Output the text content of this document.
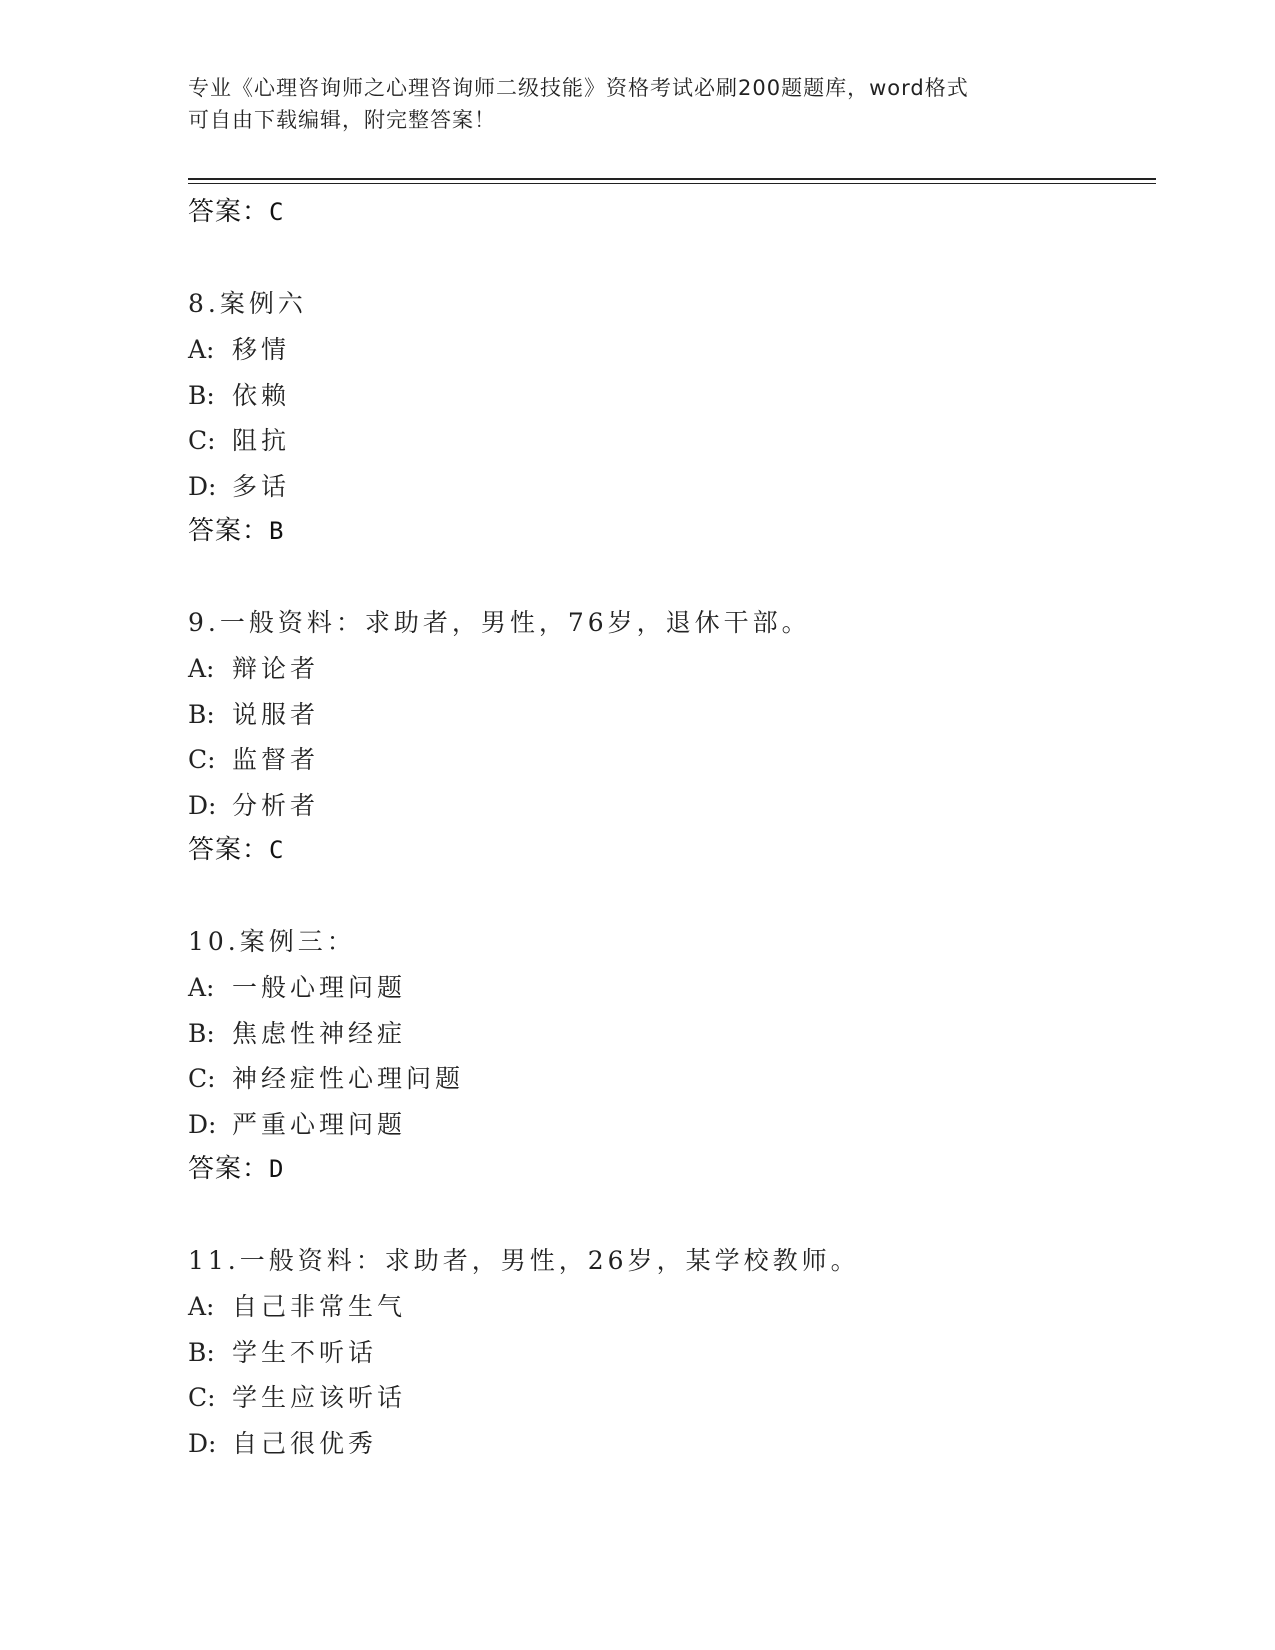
专业《心理咨询师之心理咨询师二级技能》资格考试必刷200题题库，word格式
可自由下载编辑，附完整答案！
答案：C
8.案例六
A: 移情
B: 依赖
C: 阻抗
D: 多话
答案：B
9.一般资料：求助者，男性，76岁，退休干部。
A: 辩论者
B: 说服者
C: 监督者
D: 分析者
答案：C
10.案例三：
A: 一般心理问题
B: 焦虑性神经症
C: 神经症性心理问题
D: 严重心理问题
答案：D
11.一般资料：求助者，男性，26岁，某学校教师。
A: 自己非常生气
B: 学生不听话
C: 学生应该听话
D: 自己很优秀
